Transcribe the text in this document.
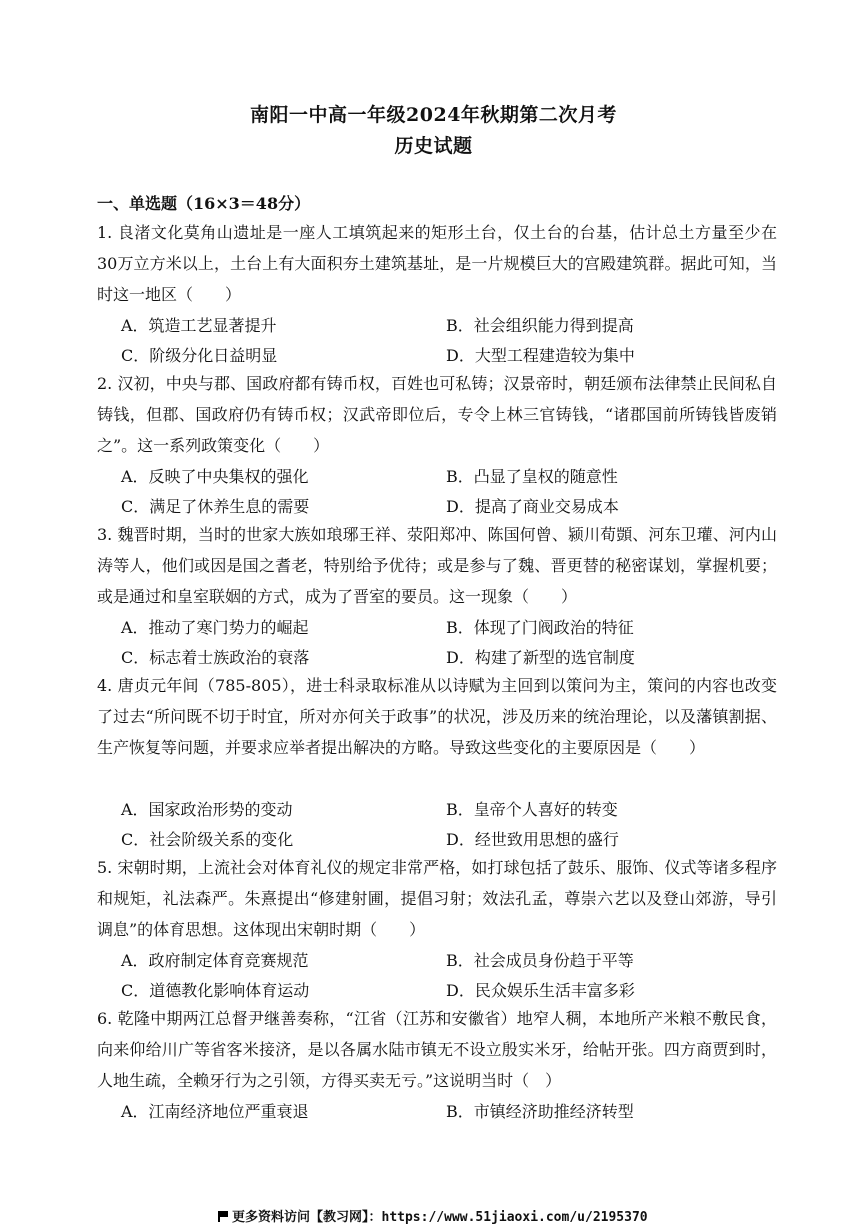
南阳一中高一年级2024年秋期第二次月考
历史试题
一、单选题（16×3＝48分）
1. 良渚文化莫角山遗址是一座人工填筑起来的矩形土台，仅土台的台基，估计总土方量至少在30万立方米以上，土台上有大面积夯土建筑基址，是一片规模巨大的宫殿建筑群。据此可知，当时这一地区（　　）
A．筑造工艺显著提升	B．社会组织能力得到提高
C．阶级分化日益明显	D．大型工程建造较为集中
2. 汉初，中央与郡、国政府都有铸币权，百姓也可私铸；汉景帝时，朝廷颁布法律禁止民间私自铸钱，但郡、国政府仍有铸币权；汉武帝即位后，专令上林三官铸钱，“诸郡国前所铸钱皆废销之”。这一系列政策变化（　　）
A．反映了中央集权的强化	B．凸显了皇权的随意性
C．满足了休养生息的需要	D．提高了商业交易成本
3. 魏晋时期，当时的世家大族如琅琊王祥、荥阳郑冲、陈国何曾、颍川荀顗、河东卫瓘、河内山涛等人，他们或因是国之耆老，特别给予优待；或是参与了魏、晋更替的秘密谋划，掌握机要；或是通过和皇室联姻的方式，成为了晋室的要员。这一现象（　　）
A．推动了寒门势力的崛起	B．体现了门阀政治的特征
C．标志着士族政治的衰落	D．构建了新型的选官制度
4. 唐贞元年间（785-805），进士科录取标准从以诗赋为主回到以策问为主，策问的内容也改变了过去“所问既不切于时宜，所对亦何关于政事”的状况，涉及历来的统治理论，以及藩镇割据、生产恢复等问题，并要求应举者提出解决的方略。导致这些变化的主要原因是（　　）
A．国家政治形势的变动	B．皇帝个人喜好的转变
C．社会阶级关系的变化	D．经世致用思想的盛行
5. 宋朝时期，上流社会对体育礼仪的规定非常严格，如打球包括了鼓乐、服饰、仪式等诸多程序和规矩，礼法森严。朱熹提出“修建射圃，提倡习射；效法孔孟，尊崇六艺以及登山郊游，导引调息”的体育思想。这体现出宋朝时期（　　）
A．政府制定体育竞赛规范	B．社会成员身份趋于平等
C．道德教化影响体育运动	D．民众娱乐生活丰富多彩
6. 乾隆中期两江总督尹继善奏称，“江省（江苏和安徽省）地窄人稠，本地所产米粮不敷民食，向来仰给川广等省客米接济，是以各属水陆市镇无不设立殷实米牙，给帖开张。四方商贾到时，人地生疏，全赖牙行为之引领，方得买卖无亏。”这说明当时（　）
A．江南经济地位严重衰退	B．市镇经济助推经济转型
更多资料访问【教习网】：https://www.51jiaoxi.com/u/2195370
